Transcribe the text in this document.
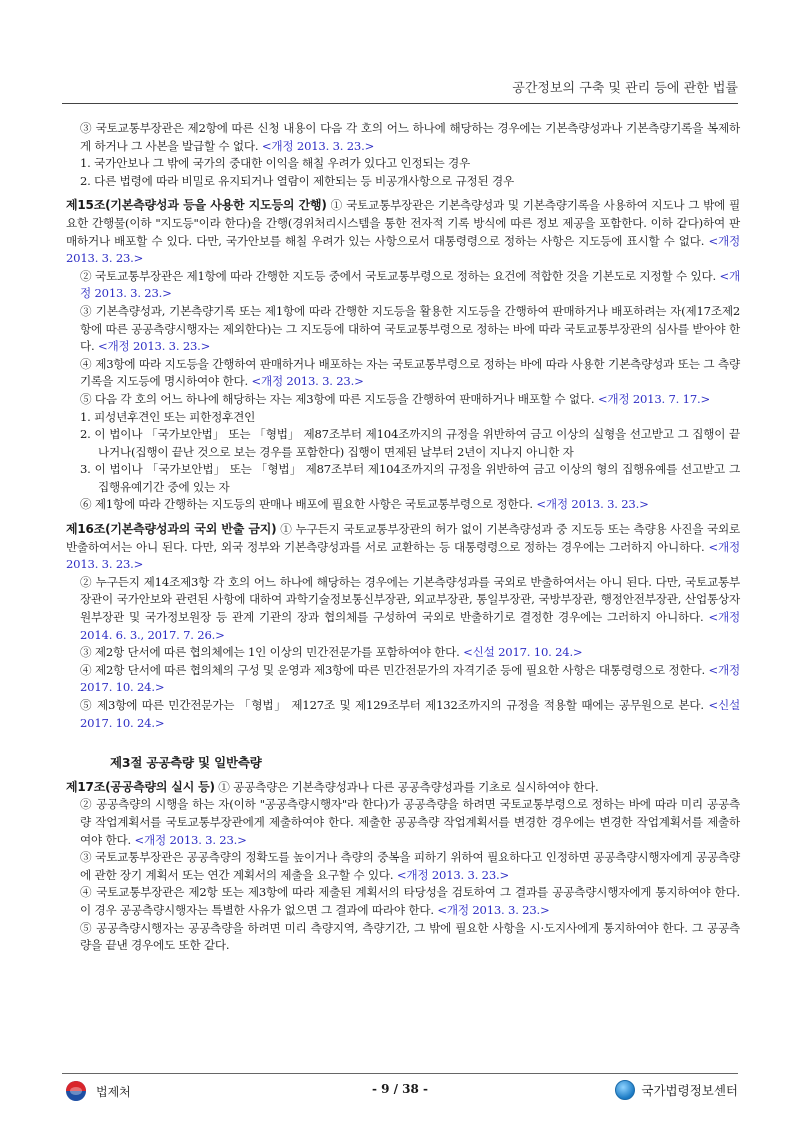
공간정보의 구축 및 관리 등에 관한 법률

③ 국토교통부장관은 제2항에 따른 신청 내용이 다음 각 호의 어느 하나에 해당하는 경우에는 기본측량성과나 기본측량기록을 복제하게 하거나 그 사본을 발급할 수 없다. <개정 2013. 3. 23.>

1. 국가안보나 그 밖에 국가의 중대한 이익을 해칠 우려가 있다고 인정되는 경우

2. 다른 법령에 따라 비밀로 유지되거나 열람이 제한되는 등 비공개사항으로 규정된 경우

제15조(기본측량성과 등을 사용한 지도등의 간행) ① 국토교통부장관은 기본측량성과 및 기본측량기록을 사용하여 지도나 그 밖에 필요한 간행물(이하 "지도등"이라 한다)을 간행(경위처리시스템을 통한 전자적 기록 방식에 따른 정보 제공을 포함한다. 이하 같다)하여 판매하거나 배포할 수 있다. 다만, 국가안보를 해칠 우려가 있는 사항으로서 대통령령으로 정하는 사항은 지도등에 표시할 수 없다. <개정 2013. 3. 23.>

② 국토교통부장관은 제1항에 따라 간행한 지도등 중에서 국토교통부령으로 정하는 요건에 적합한 것을 기본도로 지정할 수 있다. <개정 2013. 3. 23.>

③ 기본측량성과, 기본측량기록 또는 제1항에 따라 간행한 지도등을 활용한 지도등을 간행하여 판매하거나 배포하려는 자(제17조제2항에 따른 공공측량시행자는 제외한다)는 그 지도등에 대하여 국토교통부령으로 정하는 바에 따라 국토교통부장관의 심사를 받아야 한다. <개정 2013. 3. 23.>

④ 제3항에 따라 지도등을 간행하여 판매하거나 배포하는 자는 국토교통부령으로 정하는 바에 따라 사용한 기본측량성과 또는 그 측량기록을 지도등에 명시하여야 한다. <개정 2013. 3. 23.>

⑤ 다음 각 호의 어느 하나에 해당하는 자는 제3항에 따른 지도등을 간행하여 판매하거나 배포할 수 없다. <개정 2013. 7. 17.>

1. 피성년후견인 또는 피한정후견인

2. 이 법이나 「국가보안법」 또는 「형법」 제87조부터 제104조까지의 규정을 위반하여 금고 이상의 실형을 선고받고 그 집행이 끝나거나(집행이 끝난 것으로 보는 경우를 포함한다) 집행이 면제된 날부터 2년이 지나지 아니한 자

3. 이 법이나 「국가보안법」 또는 「형법」 제87조부터 제104조까지의 규정을 위반하여 금고 이상의 형의 집행유예를 선고받고 그 집행유예기간 중에 있는 자

⑥ 제1항에 따라 간행하는 지도등의 판매나 배포에 필요한 사항은 국토교통부령으로 정한다. <개정 2013. 3. 23.>

제16조(기본측량성과의 국외 반출 금지) ① 누구든지 국토교통부장관의 허가 없이 기본측량성과 중 지도등 또는 측량용 사진을 국외로 반출하여서는 아니 된다. 다만, 외국 정부와 기본측량성과를 서로 교환하는 등 대통령령으로 정하는 경우에는 그러하지 아니하다. <개정 2013. 3. 23.>

② 누구든지 제14조제3항 각 호의 어느 하나에 해당하는 경우에는 기본측량성과를 국외로 반출하여서는 아니 된다. 다만, 국토교통부장관이 국가안보와 관련된 사항에 대하여 과학기술정보통신부장관, 외교부장관, 통일부장관, 국방부장관, 행정안전부장관, 산업통상자원부장관 및 국가정보원장 등 관계 기관의 장과 협의체를 구성하여 국외로 반출하기로 결정한 경우에는 그러하지 아니하다. <개정 2014. 6. 3., 2017. 7. 26.>

③ 제2항 단서에 따른 협의체에는 1인 이상의 민간전문가를 포함하여야 한다. <신설 2017. 10. 24.>

④ 제2항 단서에 따른 협의체의 구성 및 운영과 제3항에 따른 민간전문가의 자격기준 등에 필요한 사항은 대통령령으로 정한다. <개정 2017. 10. 24.>

⑤ 제3항에 따른 민간전문가는 「형법」 제127조 및 제129조부터 제132조까지의 규정을 적용할 때에는 공무원으로 본다. <신설 2017. 10. 24.>

제3절 공공측량 및 일반측량

제17조(공공측량의 실시 등) ① 공공측량은 기본측량성과나 다른 공공측량성과를 기초로 실시하여야 한다.

② 공공측량의 시행을 하는 자(이하 "공공측량시행자"라 한다)가 공공측량을 하려면 국토교통부령으로 정하는 바에 따라 미리 공공측량 작업계획서를 국토교통부장관에게 제출하여야 한다. 제출한 공공측량 작업계획서를 변경한 경우에는 변경한 작업계획서를 제출하여야 한다. <개정 2013. 3. 23.>

③ 국토교통부장관은 공공측량의 정확도를 높이거나 측량의 중복을 피하기 위하여 필요하다고 인정하면 공공측량시행자에게 공공측량에 관한 장기 계획서 또는 연간 계획서의 제출을 요구할 수 있다. <개정 2013. 3. 23.>

④ 국토교통부장관은 제2항 또는 제3항에 따라 제출된 계획서의 타당성을 검토하여 그 결과를 공공측량시행자에게 통지하여야 한다. 이 경우 공공측량시행자는 특별한 사유가 없으면 그 결과에 따라야 한다. <개정 2013. 3. 23.>

⑤ 공공측량시행자는 공공측량을 하려면 미리 측량지역, 측량기간, 그 밖에 필요한 사항을 시·도지사에게 통지하여야 한다. 그 공공측량을 끝낸 경우에도 또한 같다.

법제처	- 9 / 38 -	국가법령정보센터
